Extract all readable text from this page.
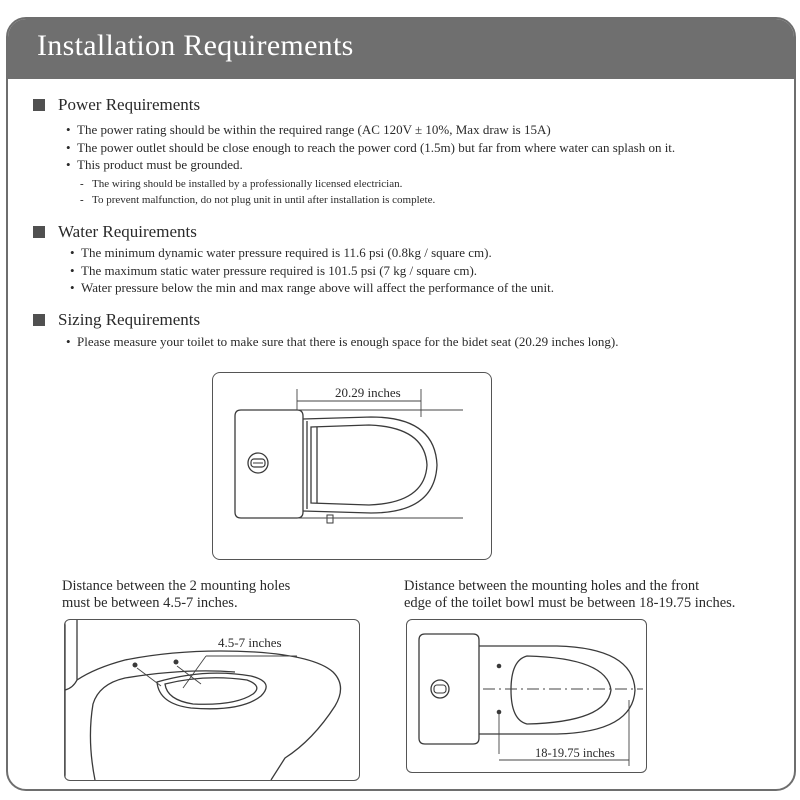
Installation Requirements
Power Requirements
• The power rating should be within the required range (AC 120V ± 10%, Max draw is 15A)
• The power outlet should be close enough to reach the power cord (1.5m) but far from where water can splash on it.
• This product must be grounded.
- The wiring should be installed by a professionally licensed electrician.
- To prevent malfunction, do not plug unit in until after installation is complete.
Water Requirements
• The minimum dynamic water pressure required is 11.6 psi (0.8kg / square cm).
• The maximum static water pressure required is 101.5 psi (7 kg / square cm).
• Water pressure below the min and max range above will affect the performance of the unit.
Sizing Requirements
• Please measure your toilet to make sure that there is enough space for the bidet seat (20.29 inches long).
20.29 inches
Distance between the 2 mounting holes
must be between 4.5-7 inches.
4.5-7 inches
Distance between the mounting holes and the front
edge of the toilet bowl must be between 18-19.75 inches.
18-19.75 inches
